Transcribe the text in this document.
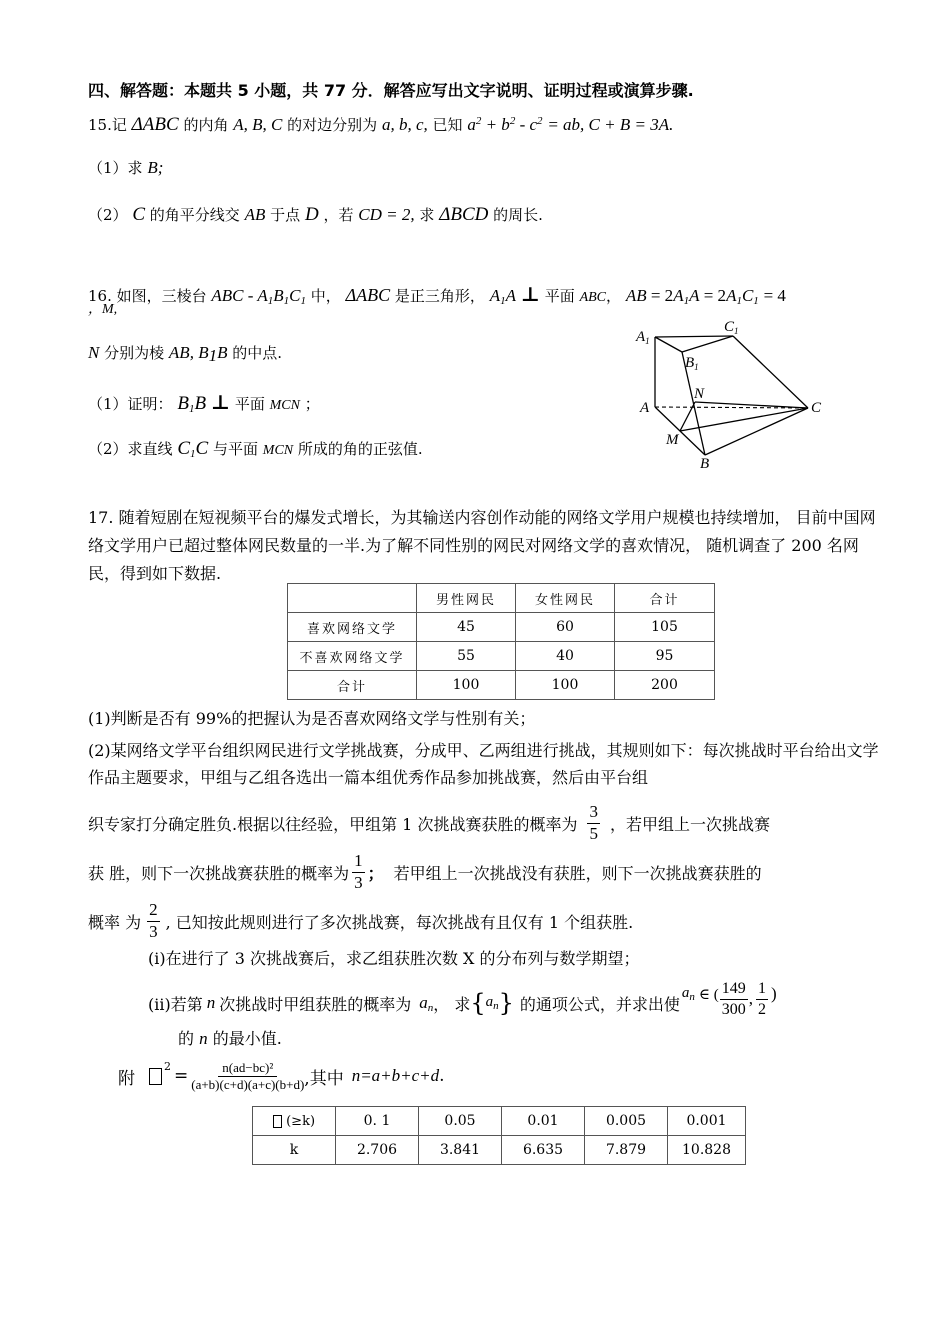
四、解答题：本题共 5 小题，共 77 分．解答应写出文字说明、证明过程或演算步骤.
15.记 ΔABC 的内角 A, B, C 的对边分别为 a, b, c, 已知 $a^2 + b^2 - c^2$ = ab, C + B = 3A.
（1）求 B;
（2） C 的角平分线交 AB 于点 D ，若 CD = 2, 求 ΔBCD 的周长.
16. 如图，三棱台 ABC - $A_1B_1C_1$ 中， ΔABC 是正三角形， $A_1A$ ⊥ 平面 ABC， AB = $2A_1A = 2A_1C_1 = 4$
，M,
N 分别为棱 AB, $B_1B$ 的中点.
（1）证明： $B_1B$ ⊥ 平面 MCN ；
（2）求直线 $C_1C$ 与平面 MCN 所成的角的正弦值.
$A_1$
$C_1$
$B_1$
N
A	C
M
B
17. 随着短剧在短视频平台的爆发式增长，为其输送内容创作动能的网络文学用户规模也持续增加， 目前中国网络文学用户已超过整体网民数量的一半.为了解不同性别的网民对网络文学的喜欢情况， 随机调查了 200 名网民，得到如下数据.
	男性网民	女性网民	合计
喜欢网络文学	45	60	105
不喜欢网络文学	55	40	95
合计	100	100	200
(1)判断是否有 99%的把握认为是否喜欢网络文学与性别有关；
(2)某网络文学平台组织网民进行文学挑战赛，分成甲、乙两组进行挑战，其规则如下：每次挑战时平台给出文学作品主题要求，甲组与乙组各选出一篇本组优秀作品参加挑战赛，然后由平台组
织专家打分确定胜负.根据以往经验，甲组第 1 次挑战赛获胜的概率为 $\frac{3}{5}$ ，若甲组上一次挑战赛
获 胜，则下一次挑战赛获胜的概率为 $\frac{1}{3}$ ； 若甲组上一次挑战没有获胜，则下一次挑战赛获胜的
概率 为 $\frac{2}{3}$ , 已知按此规则进行了多次挑战赛，每次挑战有且仅有 1 个组获胜.
(i)在进行了 3 次挑战赛后，求乙组获胜次数 X 的分布列与数学期望；
(ii)若第 n 次挑战时甲组获胜的概率为 $a_n$ ， 求 { $a_n$ } 的通项公式，并求出使
$a_n$ ∈ ( $\frac{149}{300}$ , $\frac{1}{2}$ )
的 n 的最小值.
附
$2 = \frac{\text{n(ad−bc)²}}{(a+b)(c+d)(a+c)(b+d)}$ ,其中 n=a+b+c+d .
(≥k)	0. 1	0.05	0.01	0.005	0.001
k	2.706	3.841	6.635	7.879	10.828
